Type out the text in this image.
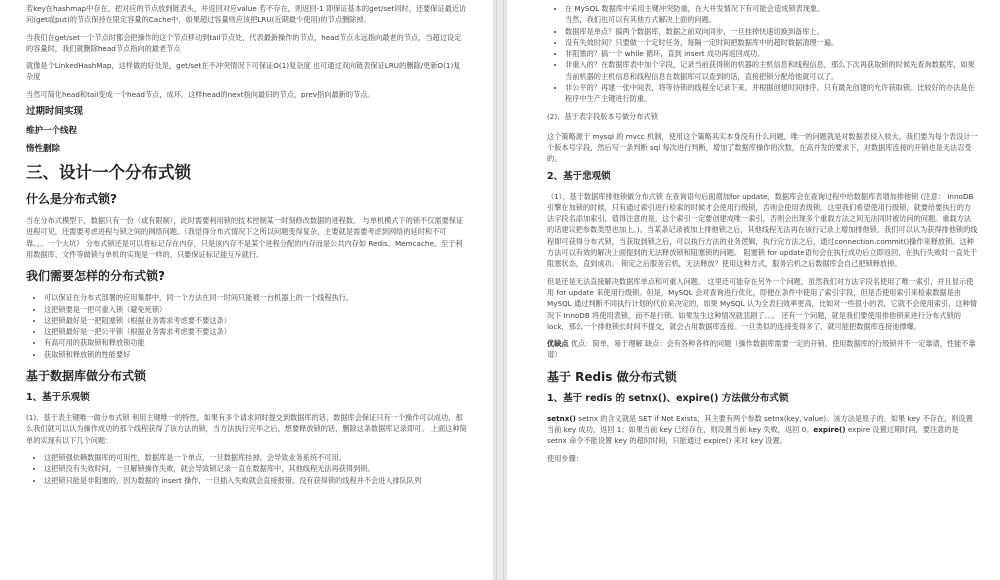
若key在hashmap中存在，把对应的节点放到链表头，并返回对应value 若不存在，则返回-1 即保证基本的get/set同时，还要保证最近访问(get或put)的节点保持在限定容量的Cache中，如果超过容量则应该把LRU(近期最少使用)的节点删除掉。

当我们在get/set一个节点时都会把操作的这个节点移动到tail节点处，代表最新操作的节点，head节点永远指向最老的节点，当超过设定的容量时，我们就删除head节点指向的最老节点

就像是个LinkedHashMap，这样做的好处是，get/set在不冲突情况下可保证O(1)复杂度 也可通过双向链表保证LRU的删除/更新O(1)复杂度

当然可简化head和tail变成一个head节点，成环，这样head的next指向最旧的节点，prev指向最新的节点。

过期时间实现
维护一个线程
惰性删除
三、设计一个分布式锁
什么是分布式锁?

当在分布式模型下，数据只有一份（或有限制），此时需要利用锁的技术控制某一时刻修改数据的进程数。 与单机模式下的锁不仅需要保证进程可见，还需要考虑进程与锁之间的网络问题。（我觉得分布式情况下之所以问题变得复杂，主要就是需要考虑到网络的延时和不可靠。。。一个大坑） 分布式锁还是可以将标记存在内存，只是该内存不是某个进程分配的内存而是公共内存如 Redis、Memcache。至于利用数据库、文件等做锁与单机的实现是一样的，只要保证标记能互斥就行。

我们需要怎样的分布式锁?
• 可以保证在分布式部署的应用集群中，同一个方法在同一时间只能被一台机器上的一个线程执行。
• 这把锁要是一把可重入锁（避免死锁）
• 这把锁最好是一把阻塞锁（根据业务需求考虑要不要这条）
• 这把锁最好是一把公平锁（根据业务需求考虑要不要这条）
• 有高可用的获取锁和释放锁功能
• 获取锁和释放锁的性能要好
基于数据库做分布式锁
1、基于乐观锁

(1)、基于表主键唯一做分布式锁 利用主键唯一的特性，如果有多个请求同时提交到数据库的话，数据库会保证只有一个操作可以成功，那么我们就可以认为操作成功的那个线程获得了该方法的锁，当方法执行完毕之后，想要释放锁的话，删除这条数据库记录即可。 上面这种简单的实现有以下几个问题：

• 这把锁强依赖数据库的可用性，数据库是一个单点，一旦数据库挂掉，会导致业务系统不可用。
• 这把锁没有失效时间，一旦解锁操作失败，就会导致锁记录一直在数据库中，其他线程无法再获得到锁。
• 这把锁只能是非阻塞的，因为数据的 insert 操作，一旦插入失败就会直接报错。没有获得锁的线程并不会进入排队队列
• 在 MySQL 数据库中采用主键冲突防重，在大并发情况下有可能会造成锁表现象。
当然，我们也可以有其他方式解决上面的问题。
• 数据库是单点？搞两个数据库，数据之前双向同步，一旦挂掉快速切换到备库上。
• 没有失效时间？只要做一个定时任务，每隔一定时间把数据库中的超时数据清理一遍。
• 非阻塞的？搞一个 while 循环，直到 insert 成功再返回成功。
• 非重入的？在数据库表中加个字段，记录当前获得锁的机器的主机信息和线程信息，那么下次再获取锁的时候先查询数据库，如果当前机器的主机信息和线程信息在数据库可以查到的话，直接把锁分配给他就可以了。
• 非公平的？再建一张中间表，将等待锁的线程全记录下来，并根据创建时间排序，只有最先创建的允许获取锁。比较好的办法是在程序中生产主键进行防重。
(2)、基于表字段版本号做分布式锁

这个策略源于 mysql 的 mvcc 机制，使用这个策略其实本身没有什么问题，唯一的问题就是对数据表侵入较大，我们要为每个表设计一个版本号字段，然后写一条判断 sql 每次进行判断，增加了数据库操作的次数，在高并发的要求下，对数据库连接的开销也是无法忍受的。

2、基于悲观锁

（1）、基于数据库排他锁做分布式锁 在查询语句后面增加for update，数据库会在查询过程中给数据库表增加排他锁 (注意： InnoDB 引擎在加锁的时候，只有通过索引进行检索的时候才会使用行级锁，否则会使用表级锁。这里我们希望使用行级锁，就要给要执行的方法字段名添加索引，值得注意的是，这个索引一定要创建成唯一索引，否则会出现多个重载方法之间无法同时被访问的问题。重载方法的话建议把参数类型也加上。)。当某条记录被加上排他锁之后，其他线程无法再在该行记录上增加排他锁。我们可以认为获得排他锁的线程即可获得分布式锁，当获取到锁之后，可以执行方法的业务逻辑，执行完方法之后，通过connection.commit()操作来释放锁。这种方法可以有效的解决上面提到的无法释放锁和阻塞锁的问题。 阻塞锁 for update语句会在执行成功后立即返回，在执行失败时一直处于阻塞状态，直到成功。 锁定之后服务宕机，无法释放？使用这种方式，服务宕机之后数据库会自己把锁释放掉。

但是还是无法直接解决数据库单点和可重入问题。 这里还可能存在另外一个问题，虽然我们对方法字段名使用了唯一索引，并且显示使用 for update 来使用行级锁。但是，MySQL 会对查询进行优化，即便在条件中使用了索引字段，但是否使用索引来检索数据是由 MySQL 通过判断不同执行计划的代价来决定的，如果 MySQL 认为全表扫效率更高，比如对一些很小的表，它就不会使用索引，这种情况下 InnoDB 将使用表锁，而不是行锁。如果发生这种情况就悲剧了。。。 还有一个问题，就是我们要使用排他锁来进行分布式锁的 lock，那么一个排他锁长时间不提交，就会占用数据库连接。一旦类似的连接变得多了，就可能把数据库连接池撑爆。

优缺点 优点：简单，易于理解 缺点：会有各种各样的问题（操作数据库需要一定的开销，使用数据库的行级锁并不一定靠谱，性能不靠谱）

基于 Redis 做分布式锁
1、基于 redis 的 setnx()、expire() 方法做分布式锁

setnx() setnx 的含义就是 SET if Not Exists，其主要有两个参数 setnx(key, value)。该方法是原子的，如果 key 不存在，则设置当前 key 成功，返回 1；如果当前 key 已经存在，则设置当前 key 失败，返回 0。expire() expire 设置过期时间，要注意的是 setnx 命令不能设置 key 的超时时间，只能通过 expire() 来对 key 设置。

使用步骤：
